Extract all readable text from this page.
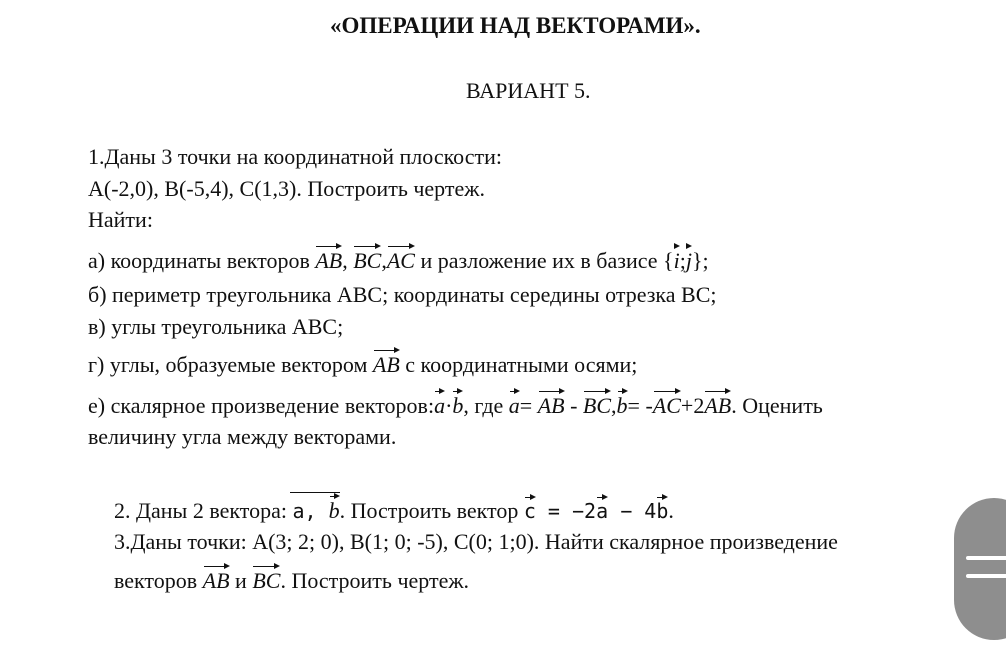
«ОПЕРАЦИИ НАД ВЕКТОРАМИ».
ВАРИАНТ 5.
1.Даны 3 точки на координатной плоскости:
A(-2,0), B(-5,4), C(1,3). Построить чертеж.
Найти:
а) координаты векторов AB, BC,AC и разложение их в базисе {i;j};
б) периметр треугольника ABC; координаты середины отрезка BC;
в) углы треугольника ABC;
г) углы, образуемые вектором AB с координатными осями;
е) скалярное произведение векторов:a·b, где a= AB - BC,b= -AC+2AB. Оценить
величину угла между векторами.
2. Даны 2 вектора: a, b. Построить вектор c = −2a − 4b.
3.Даны точки: A(3; 2; 0), B(1; 0; -5), C(0; 1;0). Найти скалярное произведение
векторов AB и BC. Построить чертеж.
